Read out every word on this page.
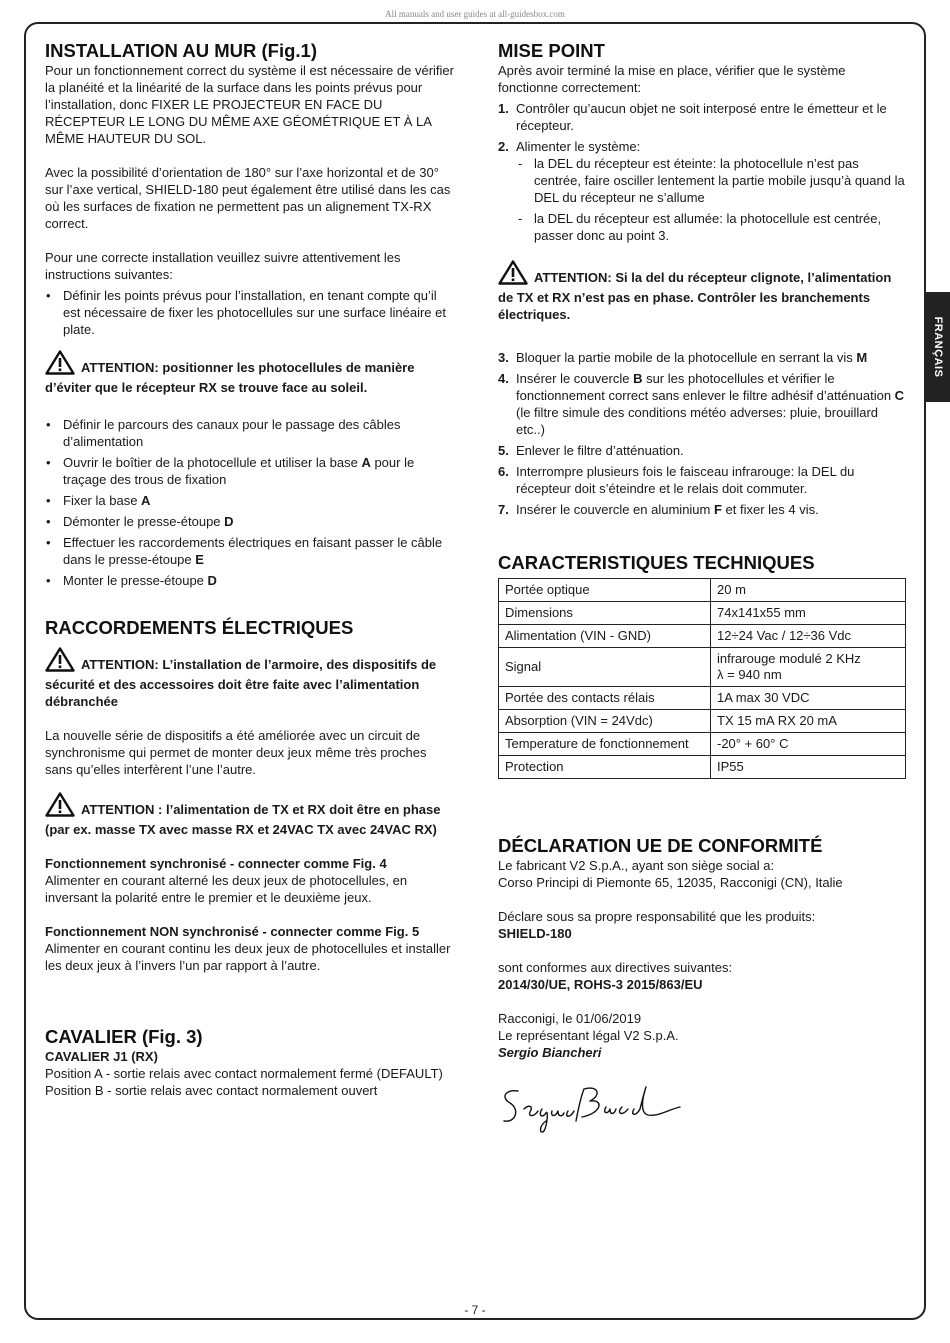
All manuals and user guides at all-guidesbox.com
FRANÇAIS
INSTALLATION AU MUR (Fig.1)

Pour un fonctionnement correct du système il est nécessaire de vérifier la planéité et la linéarité de la surface dans les points prévus pour l’installation, donc FIXER LE PROJECTEUR EN FACE DU RÉCEPTEUR LE LONG DU MÊME AXE GÉOMÉTRIQUE ET À LA MÊME HAUTEUR DU SOL.

Avec la possibilité d’orientation de 180° sur l’axe horizontal et de 30° sur l’axe vertical, SHIELD-180 peut également être utilisé dans les cas où les surfaces de fixation ne permettent pas un alignement TX-RX correct.

Pour une correcte installation veuillez suivre attentivement les instructions suivantes:

• Définir les points prévus pour l’installation, en tenant compte qu’il est nécessaire de fixer les photocellules sur une surface linéaire et plate.
ATTENTION: positionner les photocellules de manière d’éviter que le récepteur RX se trouve face au soleil.
• Définir le parcours des canaux pour le passage des câbles d’alimentation
• Ouvrir le boîtier de la photocellule et utiliser la base A pour le traçage des trous de fixation
• Fixer la base A
• Démonter le presse-étoupe D
• Effectuer les raccordements électriques en faisant passer le câble dans le presse-étoupe E
• Monter le presse-étoupe D
RACCORDEMENTS ÉLECTRIQUES
ATTENTION: L’installation de l’armoire, des dispositifs de sécurité et des accessoires doit être faite avec l’alimentation débranchée

La nouvelle série de dispositifs a été améliorée avec un circuit de synchronisme qui permet de monter deux jeux même très proches sans qu’elles interfèrent l’une l’autre.

ATTENTION : l’alimentation de TX et RX doit être en phase (par ex. masse TX avec masse RX et 24VAC TX avec 24VAC RX)

Fonctionnement synchronisé - connecter comme Fig. 4

Alimenter en courant alterné les deux jeux de photocellules, en inversant la polarité entre le premier et le deuxième jeux.

Fonctionnement NON synchronisé - connecter comme Fig. 5

Alimenter en courant continu les deux jeux de photocellules et installer les deux jeux à l’invers l’un par rapport à l’autre.

CAVALIER (Fig. 3)

CAVALIER J1 (RX)

Position A - sortie relais avec contact normalement fermé (DEFAULT)

Position B - sortie relais avec contact normalement ouvert

MISE POINT

Après avoir terminé la mise en place, vérifier que le système fonctionne correctement:

1. Contrôler qu’aucun objet ne soit interposé entre le émetteur et le récepteur.
2. Alimenter le système:
- la DEL du récepteur est éteinte: la photocellule n’est pas centrée, faire osciller lentement la partie mobile jusqu’à quand la DEL du récepteur ne s’allume
- la DEL du récepteur est allumée: la photocellule est centrée, passer donc au point 3.
ATTENTION: Si la del du récepteur clignote, l’alimentation de TX et RX n’est pas en phase. Contrôler les branchements électriques.
3. Bloquer la partie mobile de la photocellule en serrant la vis M
4. Insérer le couvercle B sur les photocellules et vérifier le fonctionnement correct sans enlever le filtre adhésif d’atténuation C (le filtre simule des conditions météo adverses: pluie, brouillard etc..)
5. Enlever le filtre d’atténuation.
6. Interrompre plusieurs fois le faisceau infrarouge: la DEL du récepteur doit s’éteindre et le relais doit commuter.
7. Insérer le couvercle en aluminium F et fixer les 4 vis.
CARACTERISTIQUES TECHNIQUES
Portée optique	20 m
Dimensions	74x141x55 mm
Alimentation (VIN - GND)	12÷24 Vac / 12÷36 Vdc
Signal	infrarouge modulé 2 KHz
λ = 940 nm
Portée des contacts rélais	1A max 30 VDC
Absorption (VIN = 24Vdc)	TX 15 mA RX 20 mA
Temperature de fonctionnement	-20° + 60° C
Protection	IP55
DÉCLARATION UE DE CONFORMITÉ

Le fabricant V2 S.p.A., ayant son siège social a:

Corso Principi di Piemonte 65, 12035, Racconigi (CN), Italie

Déclare sous sa propre responsabilité que les produits:

SHIELD-180

sont conformes aux directives suivantes:

2014/30/UE, ROHS-3 2015/863/EU

Racconigi, le 01/06/2019

Le représentant légal V2 S.p.A.

Sergio Biancheri

- 7 -
